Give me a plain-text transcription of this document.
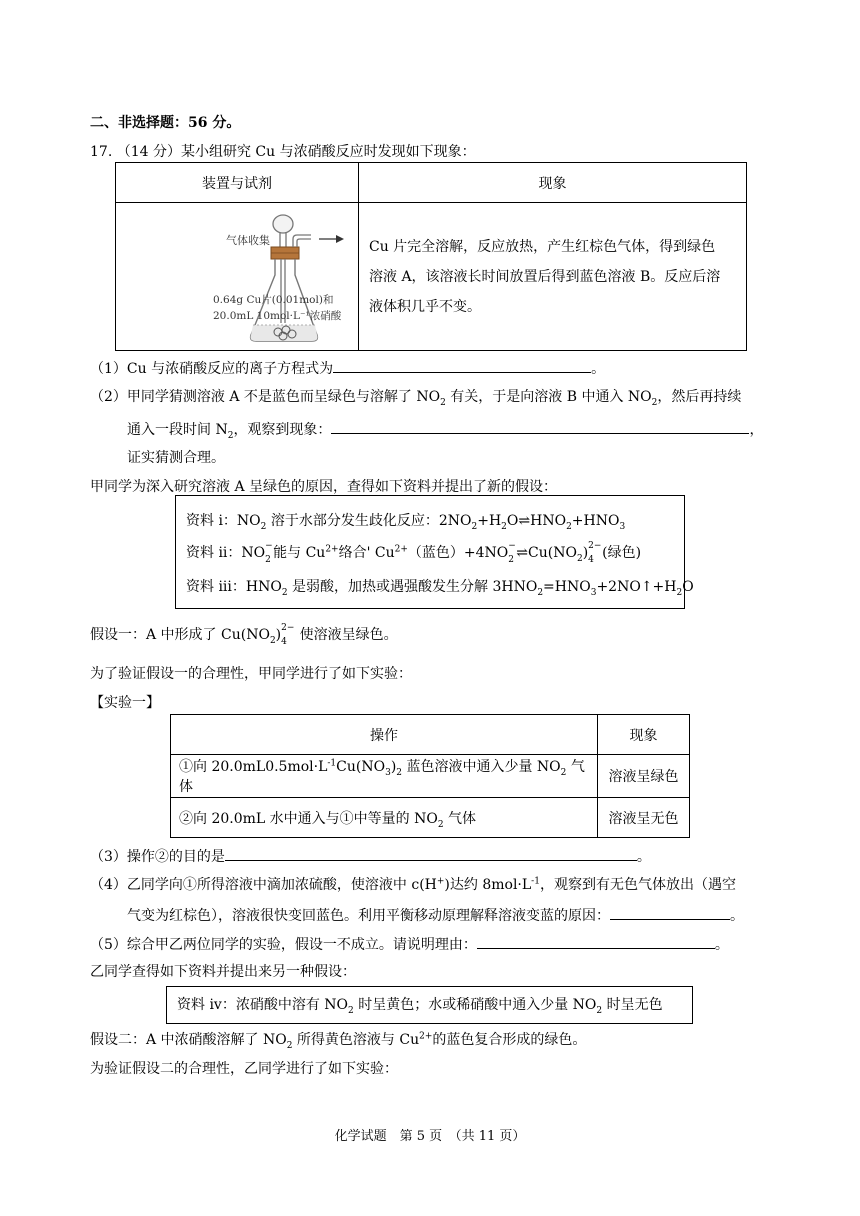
二、非选择题：56 分。
17. （14 分）某小组研究 Cu 与浓硝酸反应时发现如下现象：
装置与试剂	现象

Cu 片完全溶解，反应放热，产生红棕色气体，得到绿色
溶液 A，该溶液长时间放置后得到蓝色溶液 B。反应后溶
液体积几乎不变。
气体收集
0.64g Cu片(0.01mol)和
20.0mL 10mol·L⁻¹浓硝酸
（1）Cu 与浓硝酸反应的离子方程式为	。
（2）甲同学猜测溶液 A 不是蓝色而呈绿色与溶解了 $NO_2$ 有关，于是向溶液 B 中通入 $NO_2$，然后再持续
通入一段时间 $N_2$，观察到现象：	，
证实猜测合理。
甲同学为深入研究溶液 A 呈绿色的原因，查得如下资料并提出了新的假设：
资料 i：$NO_2$ 溶于水部分发生歧化反应：$2NO_2+H_2O\rightleftharpoons HNO_2+HNO_3$
资料 ii：NO −
2 能与 $Cu^{2+}$络合' $Cu^{2+}$（蓝色）+4NO −
2 $\rightleftharpoons Cu(NO_2)$ 2−
4 (绿色)
资料 iii：$HNO_2$ 是弱酸，加热或遇强酸发生分解 $3HNO_2=HNO_3+2NO↑+H_2O$
假设一：A 中形成了 $Cu(NO_2)$ 2−
4 使溶液呈绿色。
为了验证假设一的合理性，甲同学进行了如下实验：
【实验一】
操作	现象
①向 $20.0mL0.5mol\cdot L^{-1}Cu(NO_3)_2$ 蓝色溶液中通入少量 $NO_2$ 气体	溶液呈绿色
②向 20.0mL 水中通入与①中等量的 $NO_2$ 气体	溶液呈无色
（3）操作②的目的是	。
（4）乙同学向①所得溶液中滴加浓硫酸，使溶液中 c(H+)达约 $8mol\cdot L^{-1}$，观察到有无色气体放出（遇空
气变为红棕色），溶液很快变回蓝色。利用平衡移动原理解释溶液变蓝的原因：	。
（5）综合甲乙两位同学的实验，假设一不成立。请说明理由：	。
乙同学查得如下资料并提出来另一种假设：
资料 iv：浓硝酸中溶有 $NO_2$ 时呈黄色；水或稀硝酸中通入少量 $NO_2$ 时呈无色
假设二：A 中浓硝酸溶解了 $NO_2$ 所得黄色溶液与 $Cu^{2+}$的蓝色复合形成的绿色。
为验证假设二的合理性，乙同学进行了如下实验：
化学试题　第 5 页　（共 11 页）
